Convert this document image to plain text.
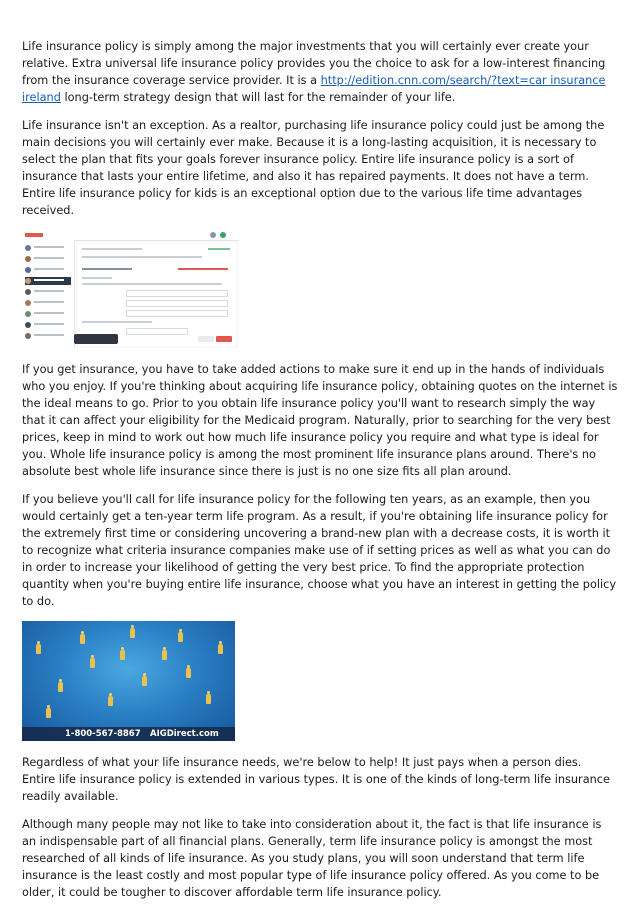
Life insurance policy is simply among the major investments that you will certainly ever create your relative. Extra universal life insurance policy provides you the choice to ask for a low-interest financing from the insurance coverage service provider. It is a http://edition.cnn.com/search/?text=car insurance ireland long-term strategy design that will last for the remainder of your life.

Life insurance isn't an exception. As a realtor, purchasing life insurance policy could just be among the main decisions you will certainly ever make. Because it is a long-lasting acquisition, it is necessary to select the plan that fits your goals forever insurance policy. Entire life insurance policy is a sort of insurance that lasts your entire lifetime, and also it has repaired payments. It does not have a term. Entire life insurance policy for kids is an exceptional option due to the various life time advantages received.

If you get insurance, you have to take added actions to make sure it end up in the hands of individuals who you enjoy. If you're thinking about acquiring life insurance policy, obtaining quotes on the internet is the ideal means to go. Prior to you obtain life insurance policy you'll want to research simply the way that it can affect your eligibility for the Medicaid program. Naturally, prior to searching for the very best prices, keep in mind to work out how much life insurance policy you require and what type is ideal for you. Whole life insurance policy is among the most prominent life insurance plans around. There's no absolute best whole life insurance since there is just is no one size fits all plan around.

If you believe you'll call for life insurance policy for the following ten years, as an example, then you would certainly get a ten-year term life program. As a result, if you're obtaining life insurance policy for the extremely first time or considering uncovering a brand-new plan with a decrease costs, it is worth it to recognize what criteria insurance companies make use of if setting prices as well as what you can do in order to increase your likelihood of getting the very best price. To find the appropriate protection quantity when you're buying entire life insurance, choose what you have an interest in getting the policy to do.

1-800-567-8867 AIGDirect.com

Regardless of what your life insurance needs, we're below to help! It just pays when a person dies. Entire life insurance policy is extended in various types. It is one of the kinds of long-term life insurance readily available.

Although many people may not like to take into consideration about it, the fact is that life insurance is an indispensable part of all financial plans. Generally, term life insurance policy is amongst the most researched of all kinds of life insurance. As you study plans, you will soon understand that term life insurance is the least costly and most popular type of life insurance policy offered. As you come to be older, it could be tougher to discover affordable term life insurance policy.
